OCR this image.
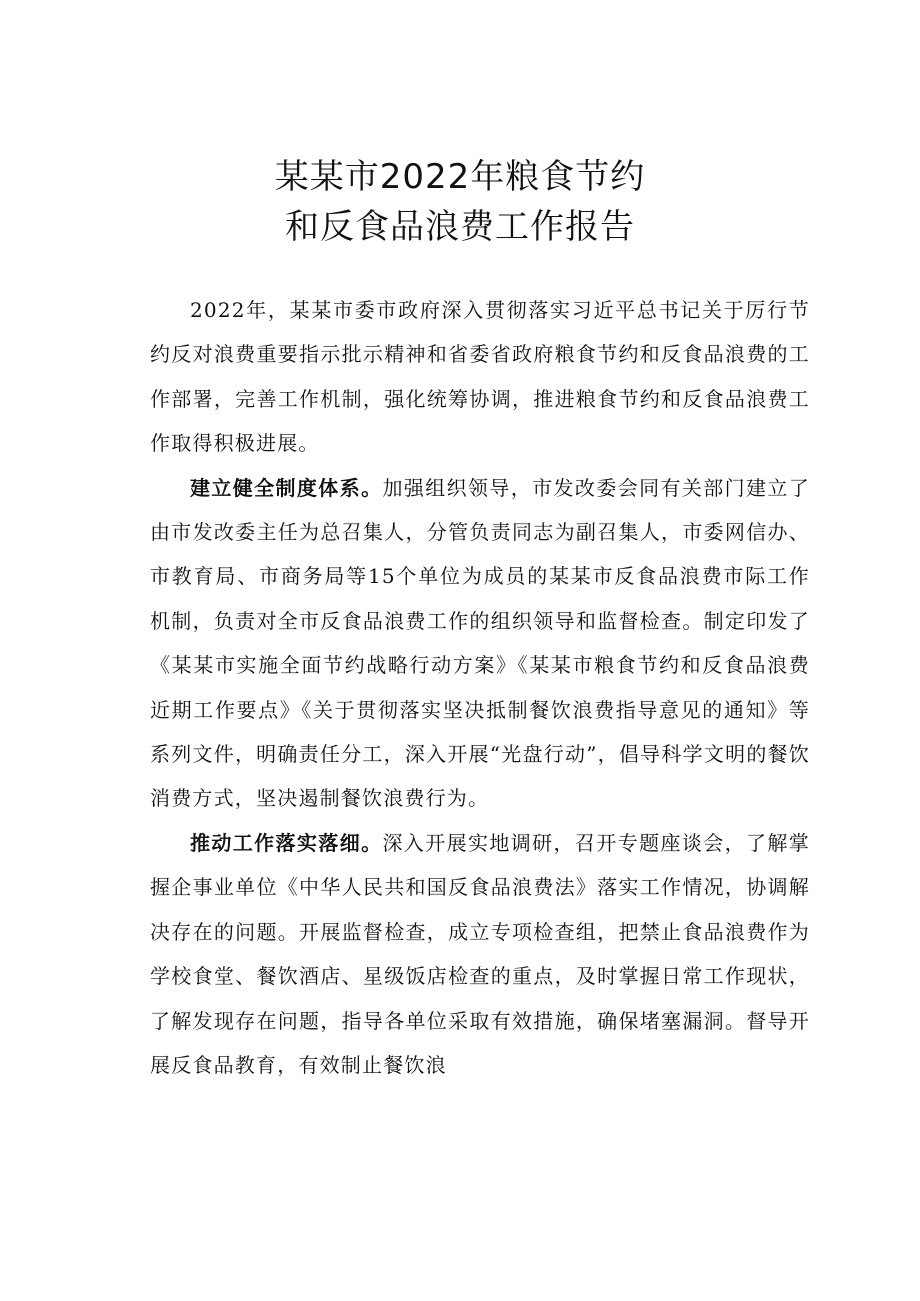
某某市2022年粮食节约
和反食品浪费工作报告

2022年，某某市委市政府深入贯彻落实习近平总书记关于厉行节约反对浪费重要指示批示精神和省委省政府粮食节约和反食品浪费的工作部署，完善工作机制，强化统筹协调，推进粮食节约和反食品浪费工作取得积极进展。

建立健全制度体系。加强组织领导，市发改委会同有关部门建立了由市发改委主任为总召集人，分管负责同志为副召集人，市委网信办、市教育局、市商务局等15个单位为成员的某某市反食品浪费市际工作机制，负责对全市反食品浪费工作的组织领导和监督检查。制定印发了《某某市实施全面节约战略行动方案》《某某市粮食节约和反食品浪费近期工作要点》《关于贯彻落实坚决抵制餐饮浪费指导意见的通知》等系列文件，明确责任分工，深入开展“光盘行动”，倡导科学文明的餐饮消费方式，坚决遏制餐饮浪费行为。

推动工作落实落细。深入开展实地调研，召开专题座谈会，了解掌握企事业单位《中华人民共和国反食品浪费法》落实工作情况，协调解决存在的问题。开展监督检查，成立专项检查组，把禁止食品浪费作为学校食堂、餐饮酒店、星级饭店检查的重点，及时掌握日常工作现状，了解发现存在问题，指导各单位采取有效措施，确保堵塞漏洞。督导开展反食品教育，有效制止餐饮浪
